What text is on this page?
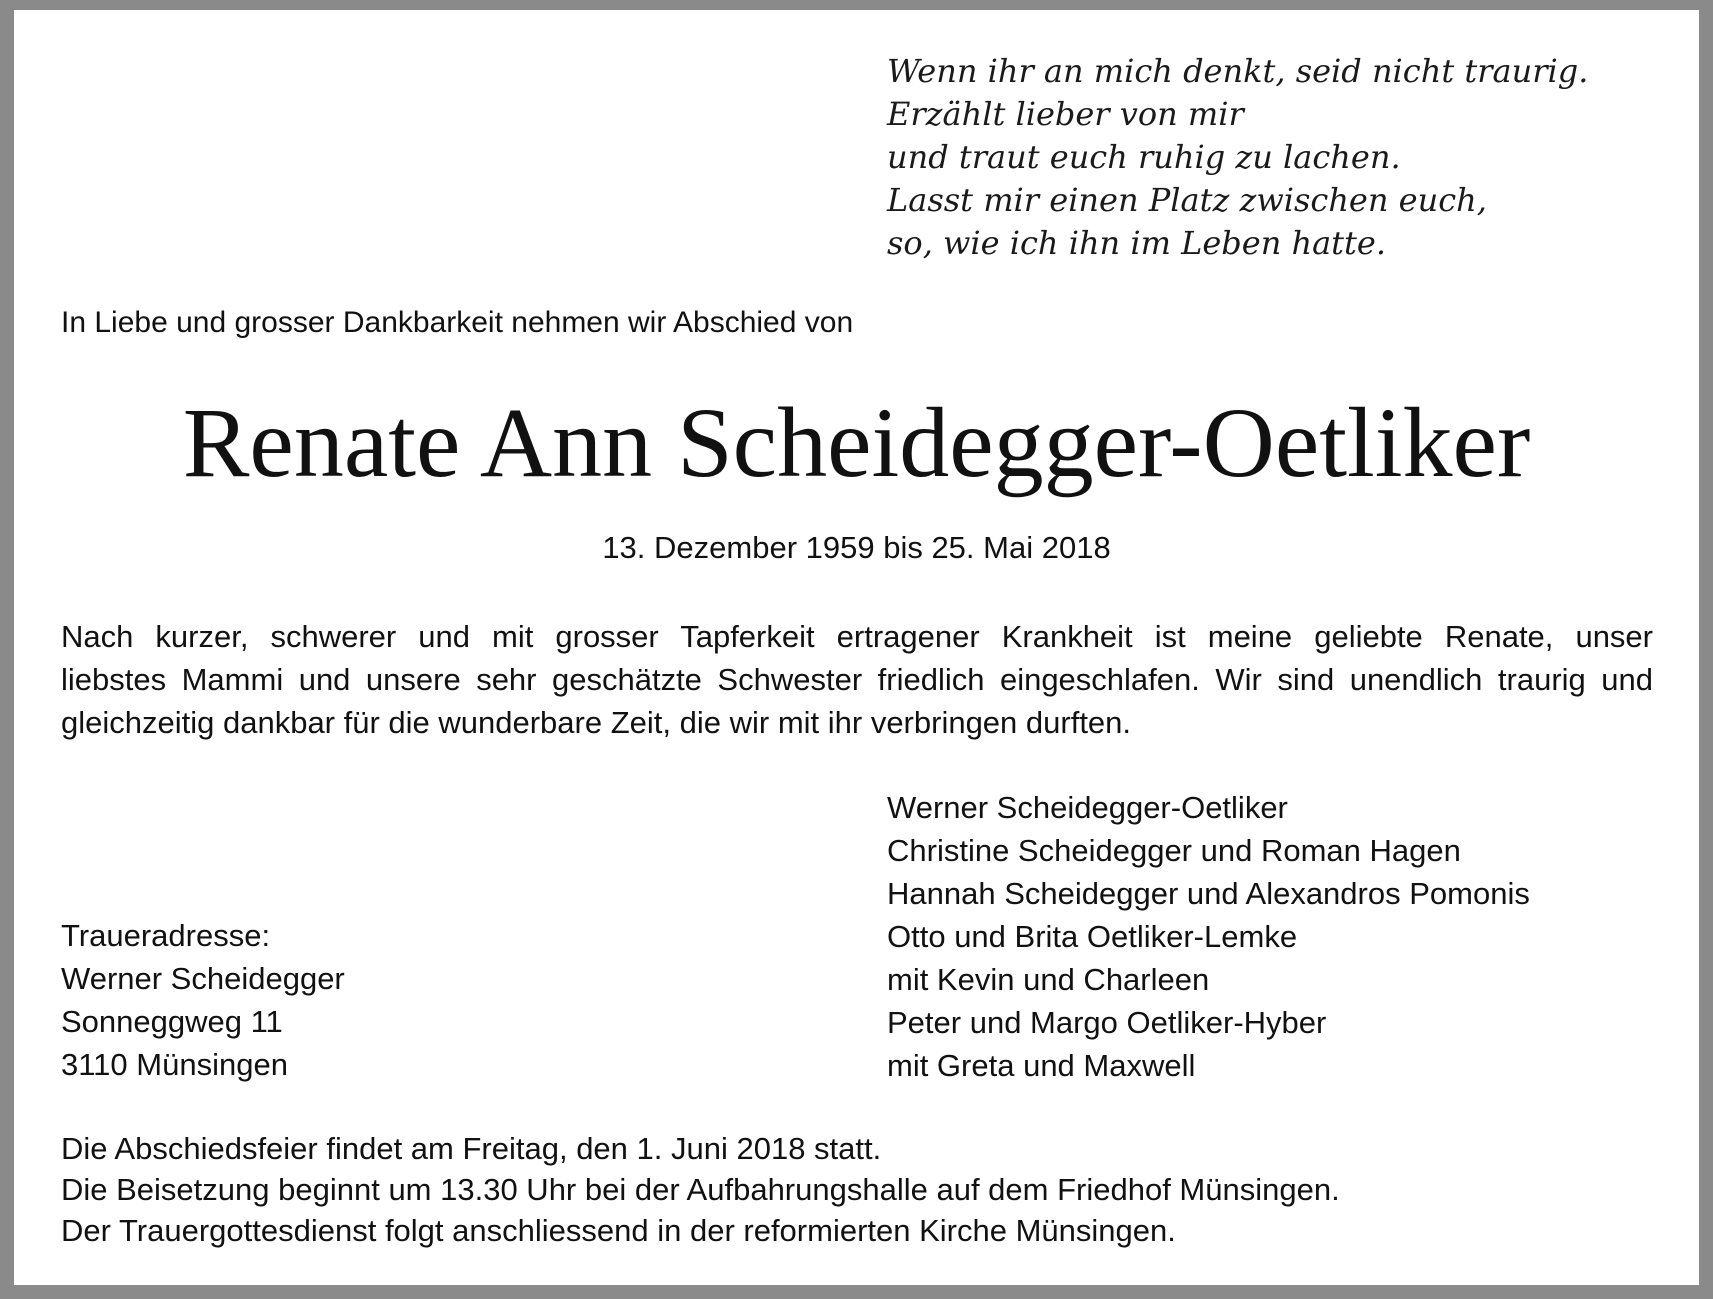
Wenn ihr an mich denkt, seid nicht traurig.
Erzählt lieber von mir
und traut euch ruhig zu lachen.
Lasst mir einen Platz zwischen euch,
so, wie ich ihn im Leben hatte.
In Liebe und grosser Dankbarkeit nehmen wir Abschied von
Renate Ann Scheidegger-Oetliker
13. Dezember 1959 bis 25. Mai 2018
Nach kurzer, schwerer und mit grosser Tapferkeit ertragener Krankheit ist meine geliebte Renate, unser
liebstes Mammi und unsere sehr geschätzte Schwester friedlich eingeschlafen. Wir sind unendlich traurig und
gleichzeitig dankbar für die wunderbare Zeit, die wir mit ihr verbringen durften.
Werner Scheidegger-Oetliker
Christine Scheidegger und Roman Hagen
Hannah Scheidegger und Alexandros Pomonis
Otto und Brita Oetliker-Lemke
mit Kevin und Charleen
Peter und Margo Oetliker-Hyber
mit Greta und Maxwell
Traueradresse:
Werner Scheidegger
Sonneggweg 11
3110 Münsingen
Die Abschiedsfeier findet am Freitag, den 1. Juni 2018 statt.
Die Beisetzung beginnt um 13.30 Uhr bei der Aufbahrungshalle auf dem Friedhof Münsingen.
Der Trauergottesdienst folgt anschliessend in der reformierten Kirche Münsingen.
